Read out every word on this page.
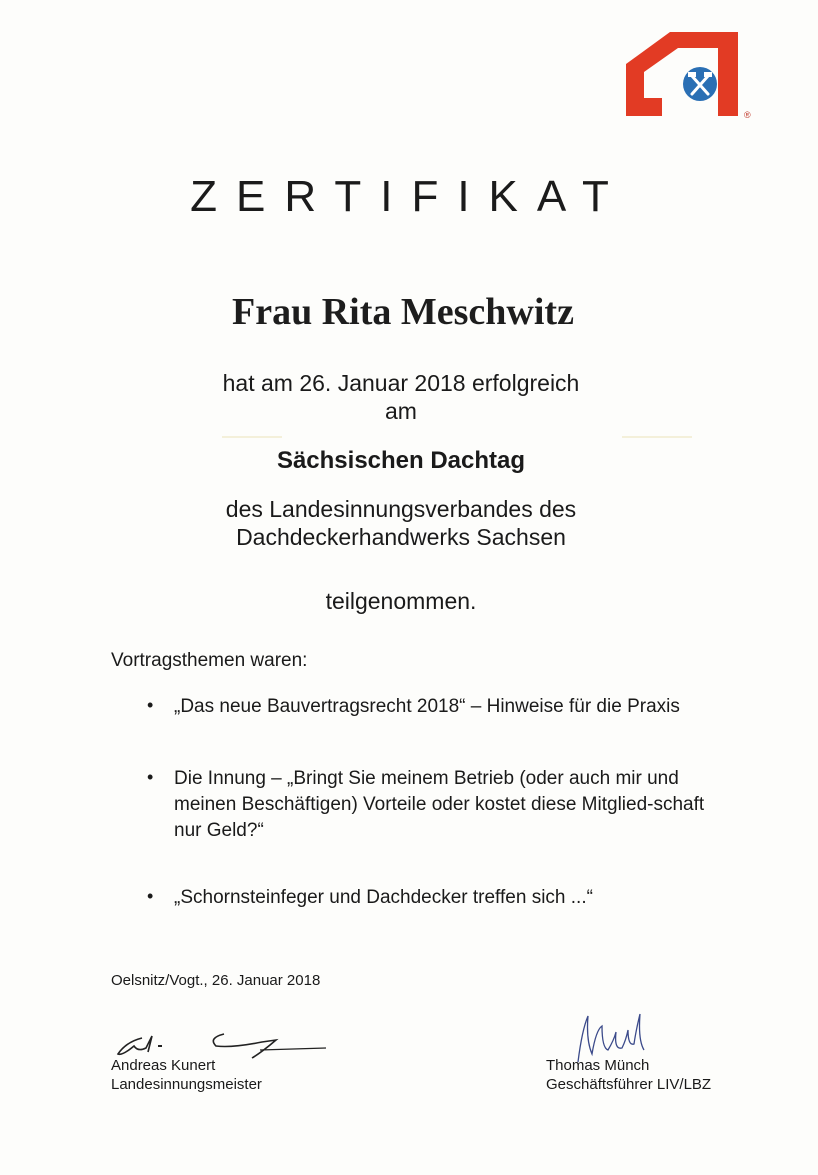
®
ZERTIFIKAT
Frau Rita Meschwitz
hat am 26. Januar 2018 erfolgreich
am
Sächsischen Dachtag
des Landesinnungsverbandes des
Dachdeckerhandwerks Sachsen
teilgenommen.
Vortragsthemen waren:
• „Das neue Bauvertragsrecht 2018“ – Hinweise für die Praxis
• Die Innung – „Bringt Sie meinem Betrieb (oder auch mir und meinen Beschäftigen) Vorteile oder kostet diese Mitglied-schaft nur Geld?“
• „Schornsteinfeger und Dachdecker treffen sich ...“
Oelsnitz/Vogt., 26. Januar 2018
Andreas Kunert
Landesinnungsmeister
Thomas Münch
Geschäftsführer LIV/LBZ
